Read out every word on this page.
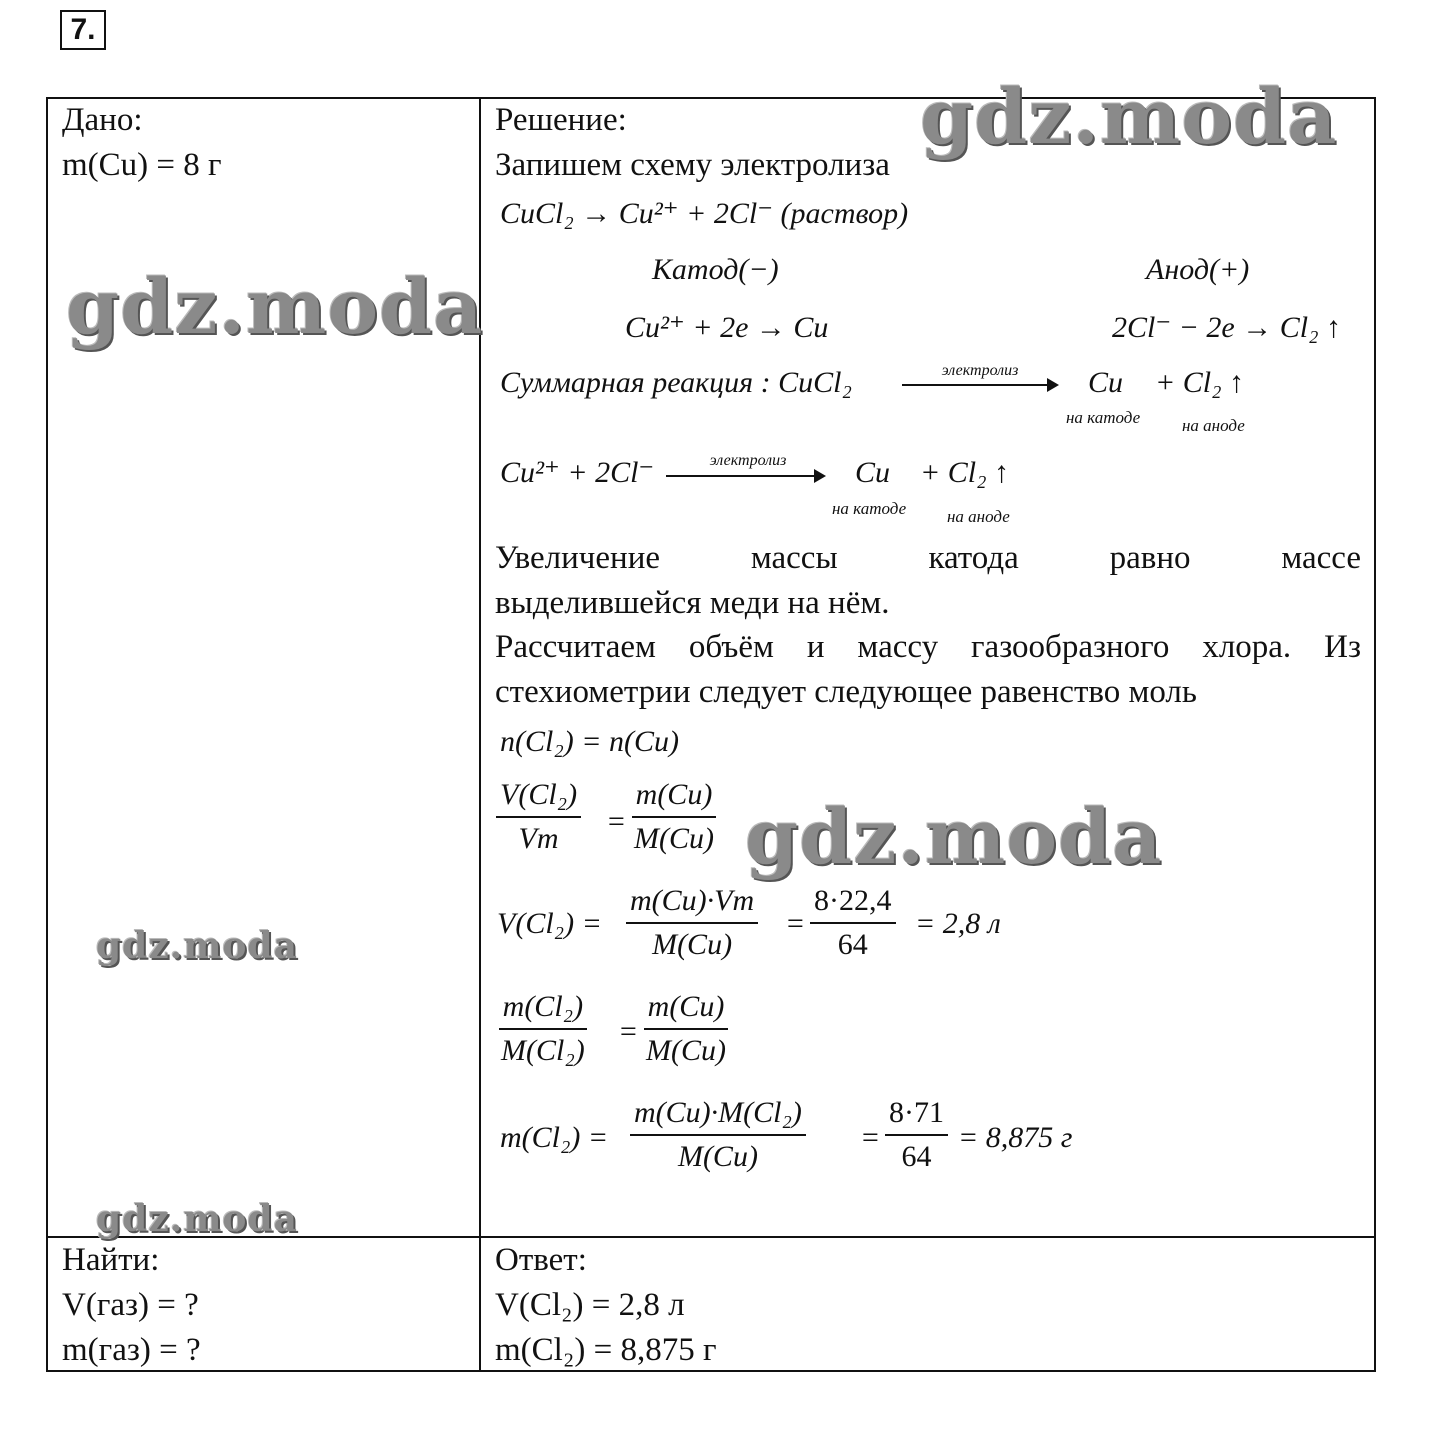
7.
Дано:
m(Cu) = 8 г
Найти:
V(газ) = ?
m(газ) = ?
Ответ:
V(Cl₂) = 2,8 л
m(Cl₂) = 8,875 г
Решение:
Запишем схему электролиза
CuCl₂ → Cu²⁺ + 2Cl⁻ (раствор)
Катод(−)	Анод(+)
Cu²⁺ + 2e → Cu	2Cl⁻ − 2e → Cl₂ ↑
Суммарная реакция : CuCl₂	электролиз	Cu + Cl₂ ↑
на катоде на аноде
Cu²⁺ + 2Cl⁻	электролиз	Cu + Cl₂ ↑
на катоде на аноде
Увеличение массы катода равно массе
выделившейся меди на нём.
Рассчитаем объём и массу газообразного хлора. Из
стехиометрии следует следующее равенство моль
n(Cl₂) = n(Cu)
$\frac{\text{V(Cl₂)}}{Vm} = \frac{m(Cu)}{M(Cu)}$
$V(Cl_2) = \frac{m(Cu)\cdot Vm}{M(Cu)} = \frac{8\cdot 22,4}{64} = 2,8$ л
$\frac{\text{m(Cl₂)}}{\text{M(Cl₂)}} = \frac{m(Cu)}{M(Cu)}$
$m(Cl_2) = \frac{\text{m(Cu)·M(Cl₂)}}{M(Cu)} = \frac{8\cdot 71}{64} = 8,875$ г
gdz.moda
gdz.moda
gdz.moda
gdz.moda
gdz.moda
